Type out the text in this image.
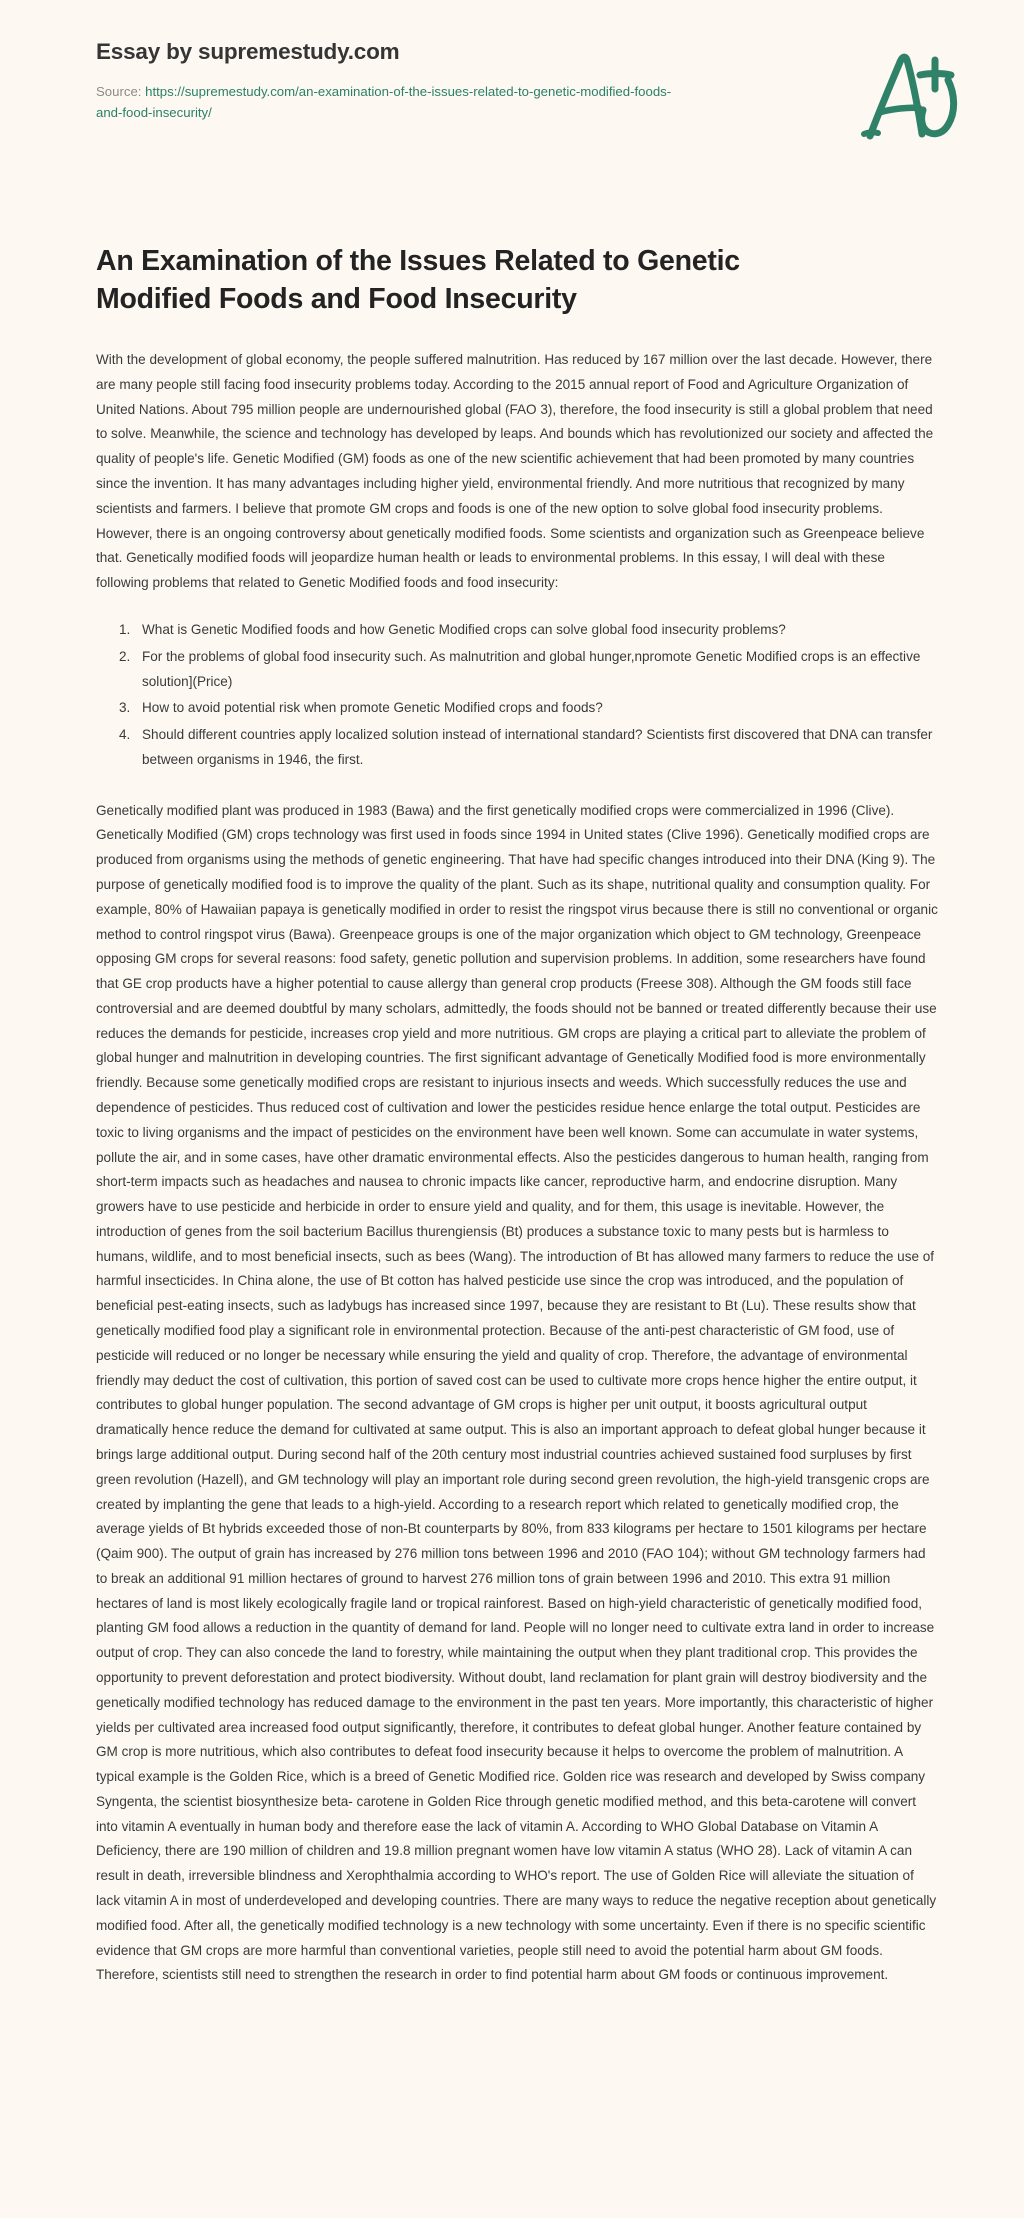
Essay by supremestudy.com

Source: https://supremestudy.com/an-examination-of-the-issues-related-to-genetic-modified-foods-and-food-insecurity/

An Examination of the Issues Related to Genetic Modified Foods and Food Insecurity

With the development of global economy, the people suffered malnutrition. Has reduced by 167 million over the last decade. However, there are many people still facing food insecurity problems today. According to the 2015 annual report of Food and Agriculture Organization of United Nations. About 795 million people are undernourished global (FAO 3), therefore, the food insecurity is still a global problem that need to solve. Meanwhile, the science and technology has developed by leaps. And bounds which has revolutionized our society and affected the quality of people's life. Genetic Modified (GM) foods as one of the new scientific achievement that had been promoted by many countries since the invention. It has many advantages including higher yield, environmental friendly. And more nutritious that recognized by many scientists and farmers. I believe that promote GM crops and foods is one of the new option to solve global food insecurity problems. However, there is an ongoing controversy about genetically modified foods. Some scientists and organization such as Greenpeace believe that. Genetically modified foods will jeopardize human health or leads to environmental problems. In this essay, I will deal with these following problems that related to Genetic Modified foods and food insecurity:

1. What is Genetic Modified foods and how Genetic Modified crops can solve global food insecurity problems?
2. For the problems of global food insecurity such. As malnutrition and global hunger,npromote Genetic Modified crops is an effective solution](Price)
3. How to avoid potential risk when promote Genetic Modified crops and foods?
4. Should different countries apply localized solution instead of international standard? Scientists first discovered that DNA can transfer between organisms in 1946, the first.

Genetically modified plant was produced in 1983 (Bawa) and the first genetically modified crops were commercialized in 1996 (Clive). Genetically Modified (GM) crops technology was first used in foods since 1994 in United states (Clive 1996). Genetically modified crops are produced from organisms using the methods of genetic engineering. That have had specific changes introduced into their DNA (King 9). The purpose of genetically modified food is to improve the quality of the plant. Such as its shape, nutritional quality and consumption quality. For example, 80% of Hawaiian papaya is genetically modified in order to resist the ringspot virus because there is still no conventional or organic method to control ringspot virus (Bawa). Greenpeace groups is one of the major organization which object to GM technology, Greenpeace opposing GM crops for several reasons: food safety, genetic pollution and supervision problems. In addition, some researchers have found that GE crop products have a higher potential to cause allergy than general crop products (Freese 308). Although the GM foods still face controversial and are deemed doubtful by many scholars, admittedly, the foods should not be banned or treated differently because their use reduces the demands for pesticide, increases crop yield and more nutritious. GM crops are playing a critical part to alleviate the problem of global hunger and malnutrition in developing countries. The first significant advantage of Genetically Modified food is more environmentally friendly. Because some genetically modified crops are resistant to injurious insects and weeds. Which successfully reduces the use and dependence of pesticides. Thus reduced cost of cultivation and lower the pesticides residue hence enlarge the total output. Pesticides are toxic to living organisms and the impact of pesticides on the environment have been well known. Some can accumulate in water systems, pollute the air, and in some cases, have other dramatic environmental effects. Also the pesticides dangerous to human health, ranging from short-term impacts such as headaches and nausea to chronic impacts like cancer, reproductive harm, and endocrine disruption. Many growers have to use pesticide and herbicide in order to ensure yield and quality, and for them, this usage is inevitable. However, the introduction of genes from the soil bacterium Bacillus thurengiensis (Bt) produces a substance toxic to many pests but is harmless to humans, wildlife, and to most beneficial insects, such as bees (Wang). The introduction of Bt has allowed many farmers to reduce the use of harmful insecticides. In China alone, the use of Bt cotton has halved pesticide use since the crop was introduced, and the population of beneficial pest-eating insects, such as ladybugs has increased since 1997, because they are resistant to Bt (Lu). These results show that genetically modified food play a significant role in environmental protection. Because of the anti-pest characteristic of GM food, use of pesticide will reduced or no longer be necessary while ensuring the yield and quality of crop. Therefore, the advantage of environmental friendly may deduct the cost of cultivation, this portion of saved cost can be used to cultivate more crops hence higher the entire output, it contributes to global hunger population. The second advantage of GM crops is higher per unit output, it boosts agricultural output dramatically hence reduce the demand for cultivated at same output. This is also an important approach to defeat global hunger because it brings large additional output. During second half of the 20th century most industrial countries achieved sustained food surpluses by first green revolution (Hazell), and GM technology will play an important role during second green revolution, the high-yield transgenic crops are created by implanting the gene that leads to a high-yield. According to a research report which related to genetically modified crop, the average yields of Bt hybrids exceeded those of non-Bt counterparts by 80%, from 833 kilograms per hectare to 1501 kilograms per hectare (Qaim 900). The output of grain has increased by 276 million tons between 1996 and 2010 (FAO 104); without GM technology farmers had to break an additional 91 million hectares of ground to harvest 276 million tons of grain between 1996 and 2010. This extra 91 million hectares of land is most likely ecologically fragile land or tropical rainforest. Based on high-yield characteristic of genetically modified food, planting GM food allows a reduction in the quantity of demand for land. People will no longer need to cultivate extra land in order to increase output of crop. They can also concede the land to forestry, while maintaining the output when they plant traditional crop. This provides the opportunity to prevent deforestation and protect biodiversity. Without doubt, land reclamation for plant grain will destroy biodiversity and the genetically modified technology has reduced damage to the environment in the past ten years. More importantly, this characteristic of higher yields per cultivated area increased food output significantly, therefore, it contributes to defeat global hunger. Another feature contained by GM crop is more nutritious, which also contributes to defeat food insecurity because it helps to overcome the problem of malnutrition. A typical example is the Golden Rice, which is a breed of Genetic Modified rice. Golden rice was research and developed by Swiss company Syngenta, the scientist biosynthesize beta- carotene in Golden Rice through genetic modified method, and this beta-carotene will convert into vitamin A eventually in human body and therefore ease the lack of vitamin A. According to WHO Global Database on Vitamin A Deficiency, there are 190 million of children and 19.8 million pregnant women have low vitamin A status (WHO 28). Lack of vitamin A can result in death, irreversible blindness and Xerophthalmia according to WHO's report. The use of Golden Rice will alleviate the situation of lack vitamin A in most of underdeveloped and developing countries. There are many ways to reduce the negative reception about genetically modified food. After all, the genetically modified technology is a new technology with some uncertainty. Even if there is no specific scientific evidence that GM crops are more harmful than conventional varieties, people still need to avoid the potential harm about GM foods. Therefore, scientists still need to strengthen the research in order to find potential harm about GM foods or continuous improvement.
